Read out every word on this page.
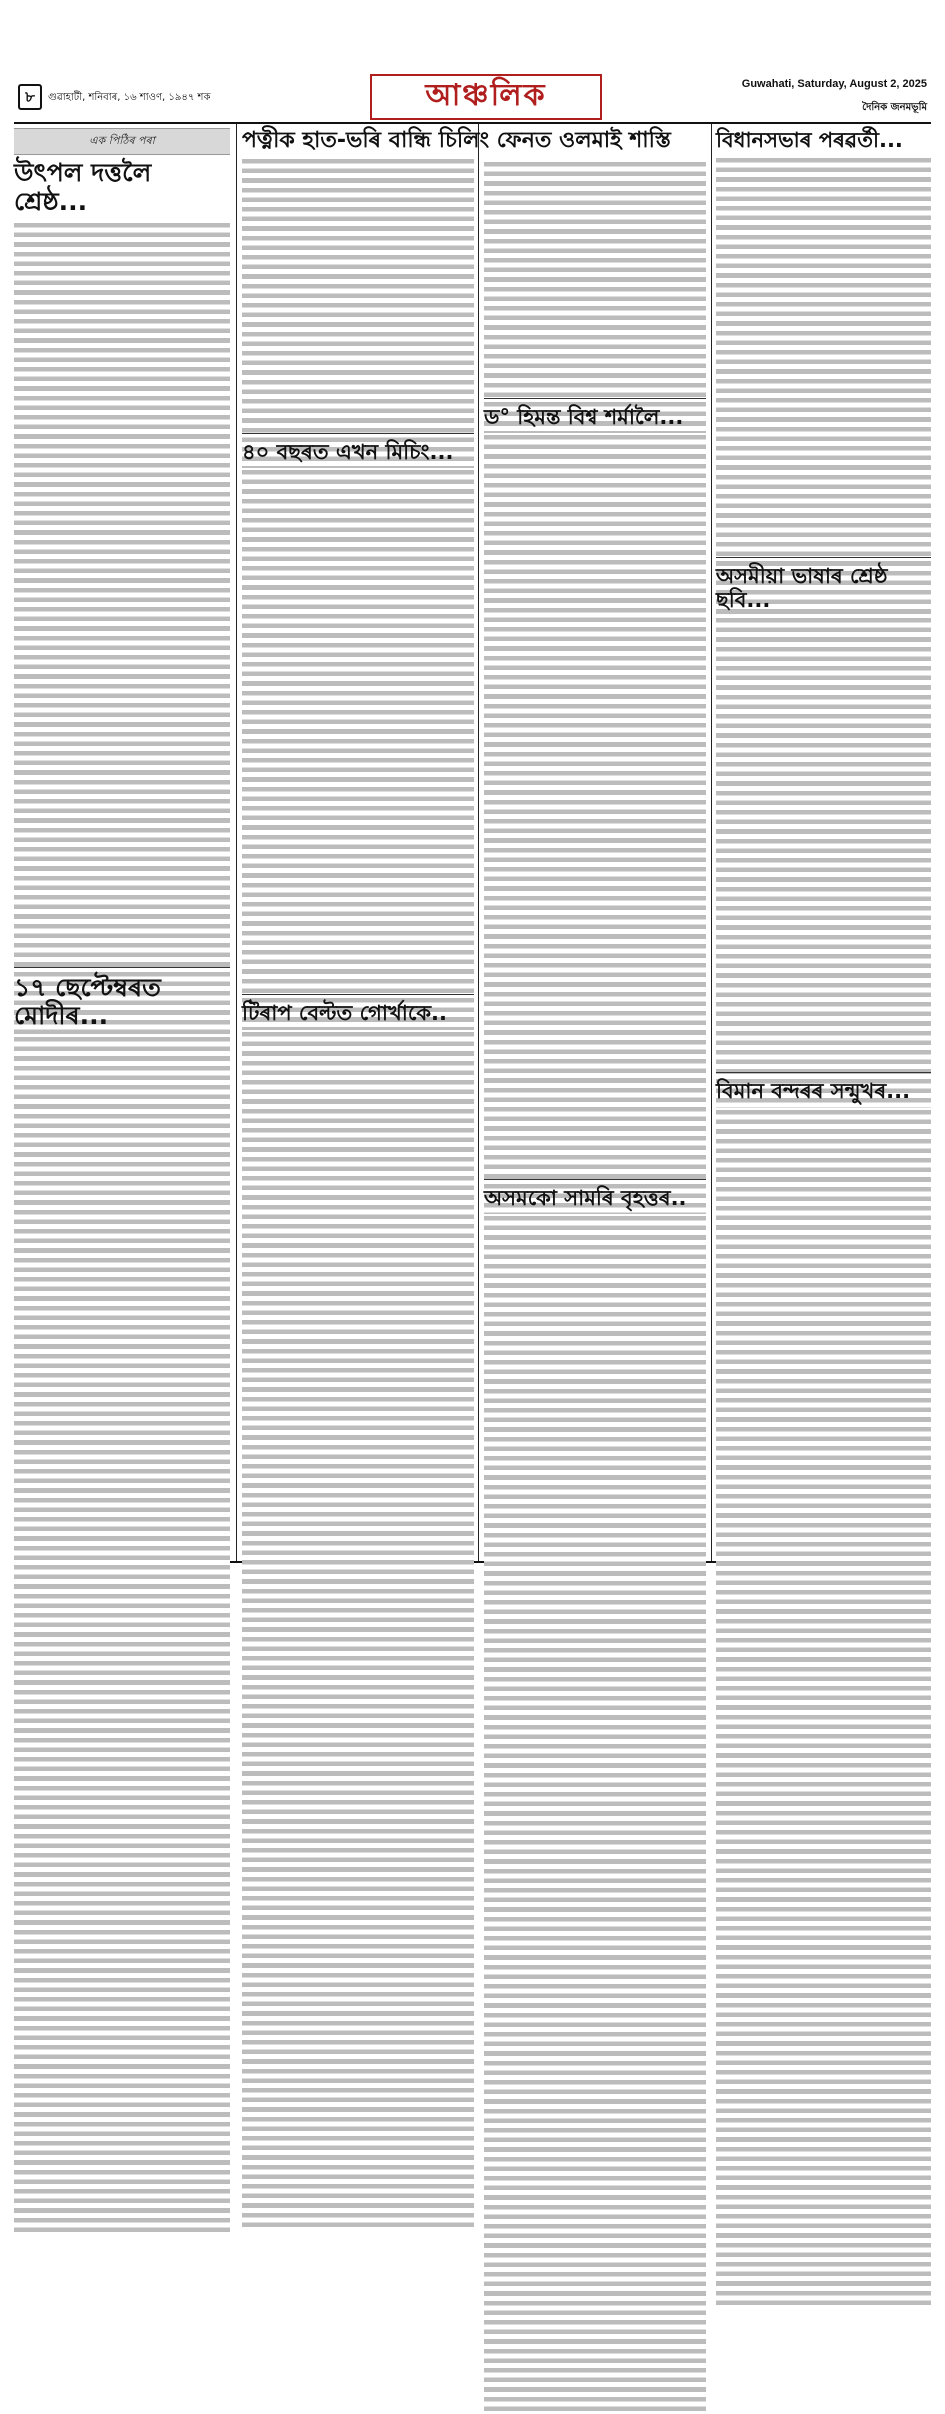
৮	গুৱাহাটী, শনিবাৰ, ১৬ শাওণ, ১৯৪৭ শক	আঞ্চলিক	Guwahati, Saturday, August 2, 2025
দৈনিক জনমভূমি
এক পিঠিৰ পৰা
উৎপল দত্তলৈ শ্ৰেষ্ঠ...
১৭ ছেপ্টেম্বৰত মোদীৰ...
পত্নীক হাত-ভৰি বান্ধি চিলিং ফেনত ওলমাই শাস্তি
৪০ বছৰত এখন মিচিং...
টিৰাপ বেল্টত গোৰ্খাকে..
ড° হিমন্ত বিশ্ব শৰ্মালৈ...
অসমকো সামৰি বৃহত্তৰ..
বিধানসভাৰ পৰৱৰ্তী...
অসমীয়া ভাষাৰ শ্ৰেষ্ঠ ছবি...
বিমান বন্দৰৰ সন্মুখৰ...
